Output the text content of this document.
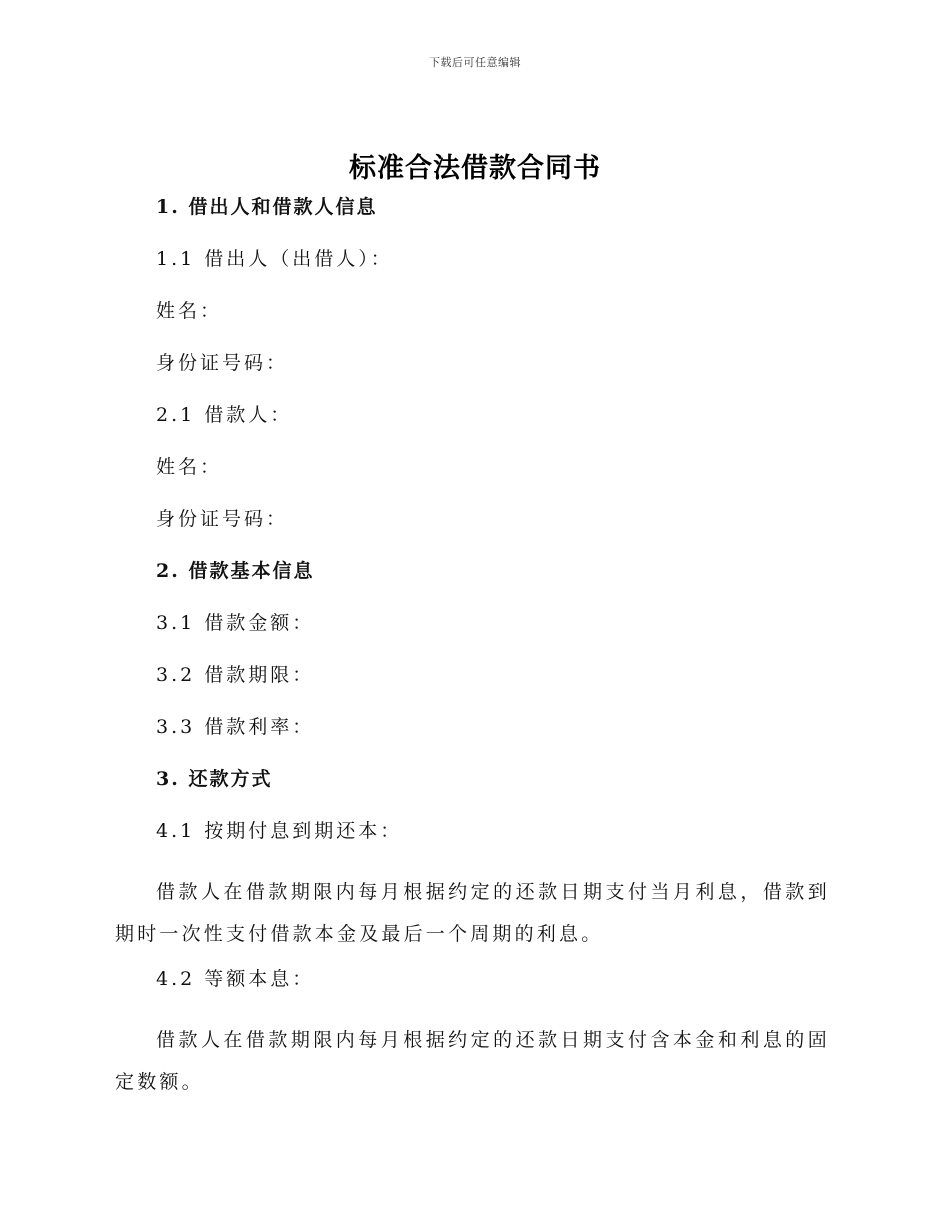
下载后可任意编辑
标准合法借款合同书
1. 借出人和借款人信息
1.1 借出人（出借人）：
姓名：
身份证号码：
2.1 借款人：
姓名：
身份证号码：
2. 借款基本信息
3.1 借款金额：
3.2 借款期限：
3.3 借款利率：
3. 还款方式
4.1 按期付息到期还本：
借款人在借款期限内每月根据约定的还款日期支付当月利息，借款到期时一次性支付借款本金及最后一个周期的利息。
4.2 等额本息：
借款人在借款期限内每月根据约定的还款日期支付含本金和利息的固定数额。
